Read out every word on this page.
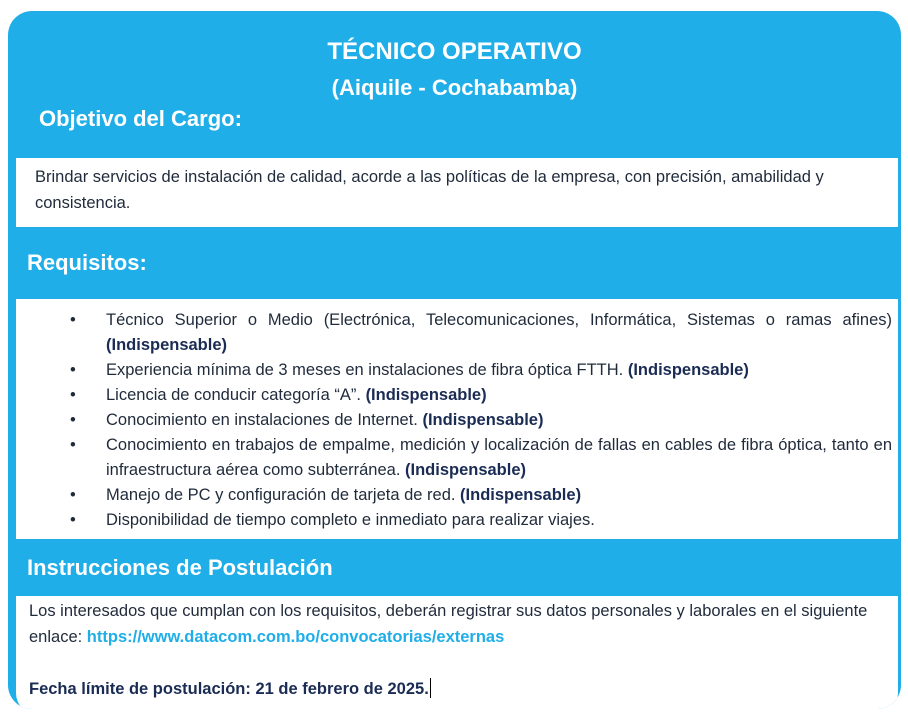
TÉCNICO OPERATIVO
(Aiquile - Cochabamba)
Objetivo del Cargo:
Brindar servicios de instalación de calidad, acorde a las políticas de la empresa, con precisión, amabilidad y consistencia.
Requisitos:
• Técnico Superior o Medio (Electrónica, Telecomunicaciones, Informática, Sistemas o ramas afines) (Indispensable)
• Experiencia mínima de 3 meses en instalaciones de fibra óptica FTTH. (Indispensable)
• Licencia de conducir categoría “A”. (Indispensable)
• Conocimiento en instalaciones de Internet. (Indispensable)
• Conocimiento en trabajos de empalme, medición y localización de fallas en cables de fibra óptica, tanto en infraestructura aérea como subterránea. (Indispensable)
• Manejo de PC y configuración de tarjeta de red. (Indispensable)
• Disponibilidad de tiempo completo e inmediato para realizar viajes.
Instrucciones de Postulación
Los interesados que cumplan con los requisitos, deberán registrar sus datos personales y laborales en el siguiente enlace: https://www.datacom.com.bo/convocatorias/externas
Fecha límite de postulación: 21 de febrero de 2025.
